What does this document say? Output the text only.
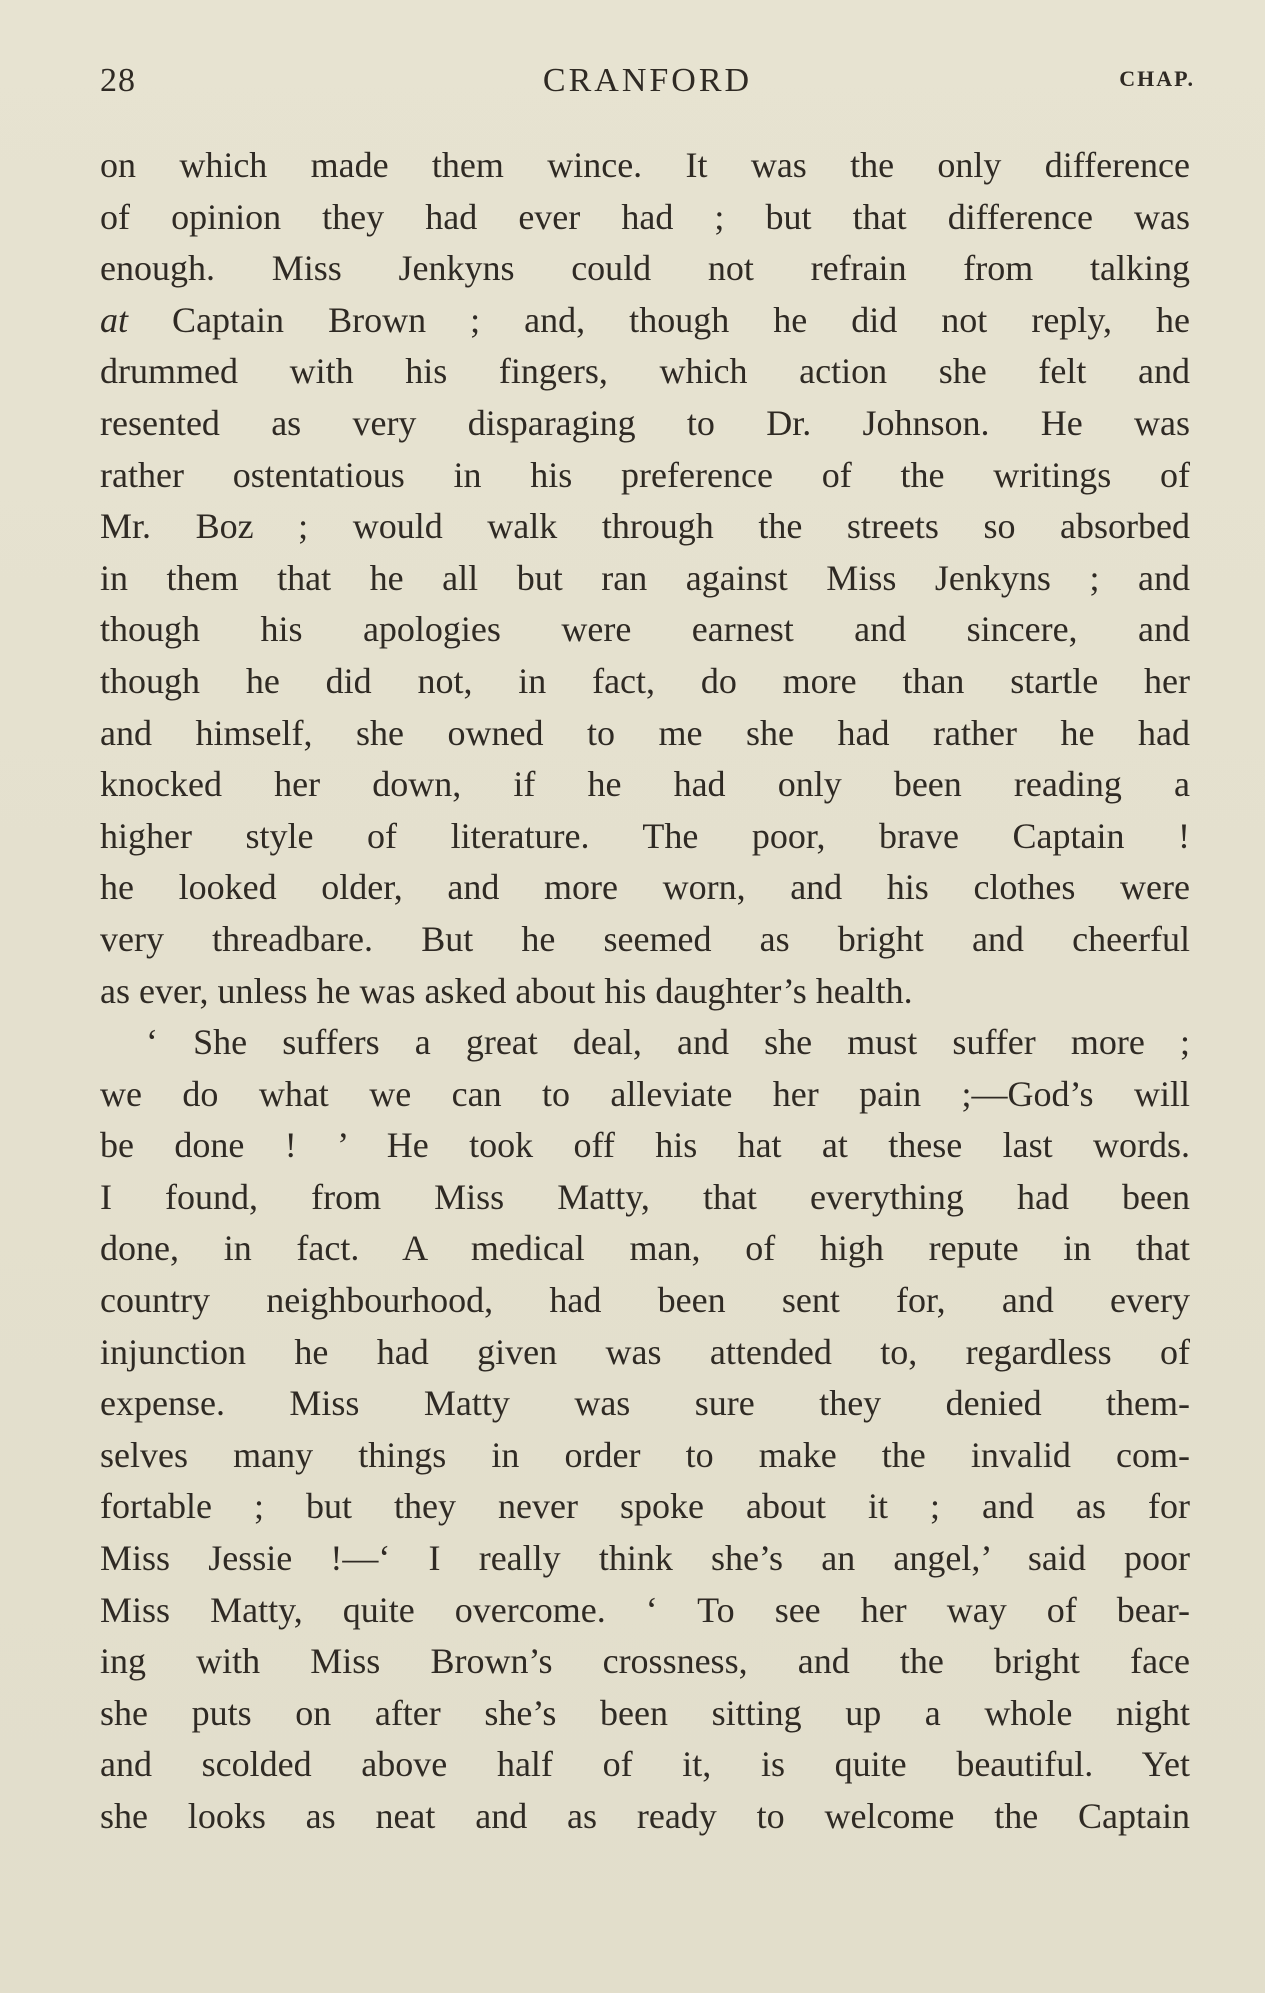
28	CRANFORD	CHAP.
on which made them wince. It was the only difference
of opinion they had ever had ; but that difference was
enough. Miss Jenkyns could not refrain from talking
at Captain Brown ; and, though he did not reply, he
drummed with his fingers, which action she felt and
resented as very disparaging to Dr. Johnson. He was
rather ostentatious in his preference of the writings of
Mr. Boz ; would walk through the streets so absorbed
in them that he all but ran against Miss Jenkyns ; and
though his apologies were earnest and sincere, and
though he did not, in fact, do more than startle her
and himself, she owned to me she had rather he had
knocked her down, if he had only been reading a
higher style of literature. The poor, brave Captain !
he looked older, and more worn, and his clothes were
very threadbare. But he seemed as bright and cheerful
as ever, unless he was asked about his daughter’s health.
‘ She suffers a great deal, and she must suffer more ;
we do what we can to alleviate her pain ;—God’s will
be done ! ’ He took off his hat at these last words.
I found, from Miss Matty, that everything had been
done, in fact. A medical man, of high repute in that
country neighbourhood, had been sent for, and every
injunction he had given was attended to, regardless of
expense. Miss Matty was sure they denied them-
selves many things in order to make the invalid com-
fortable ; but they never spoke about it ; and as for
Miss Jessie !—‘ I really think she’s an angel,’ said poor
Miss Matty, quite overcome. ‘ To see her way of bear-
ing with Miss Brown’s crossness, and the bright face
she puts on after she’s been sitting up a whole night
and scolded above half of it, is quite beautiful. Yet
she looks as neat and as ready to welcome the Captain
